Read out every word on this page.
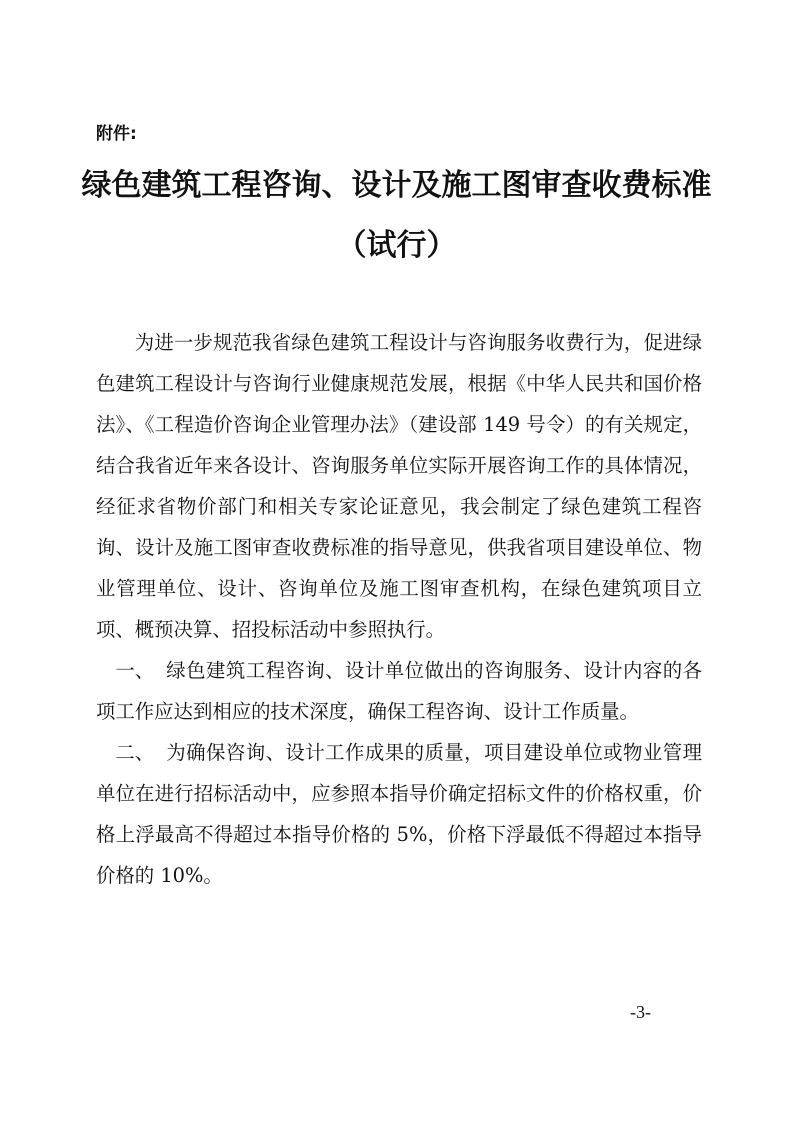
附件:
绿色建筑工程咨询、设计及施工图审查收费标准
（试行）

为进一步规范我省绿色建筑工程设计与咨询服务收费行为，促进绿色建筑工程设计与咨询行业健康规范发展，根据《中华人民共和国价格法》、《工程造价咨询企业管理办法》（建设部 149 号令）的有关规定，结合我省近年来各设计、咨询服务单位实际开展咨询工作的具体情况，经征求省物价部门和相关专家论证意见，我会制定了绿色建筑工程咨询、设计及施工图审查收费标准的指导意见，供我省项目建设单位、物业管理单位、设计、咨询单位及施工图审查机构，在绿色建筑项目立项、概预决算、招投标活动中参照执行。

一、 绿色建筑工程咨询、设计单位做出的咨询服务、设计内容的各项工作应达到相应的技术深度，确保工程咨询、设计工作质量。

二、 为确保咨询、设计工作成果的质量，项目建设单位或物业管理单位在进行招标活动中，应参照本指导价确定招标文件的价格权重，价格上浮最高不得超过本指导价格的 5%，价格下浮最低不得超过本指导价格的 10%。

-3-
